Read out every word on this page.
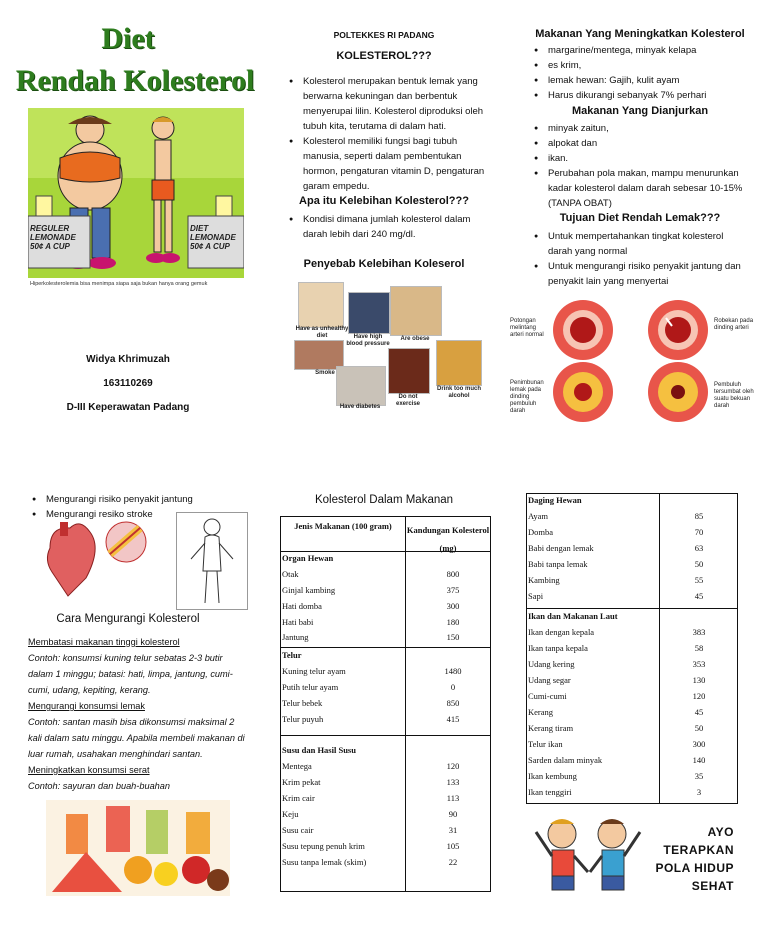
Diet
Rendah Kolesterol
REGULER LEMONADE 50¢ A CUP
DIET LEMONADE 50¢ A CUP
Hiperkolesterolemia bisa menimpa siapa saja bukan hanya orang gemuk
Widya Khrimuzah
163110269
D-III Keperawatan Padang
POLTEKKES RI PADANG
KOLESTEROL???
● Kolesterol merupakan bentuk lemak yang berwarna kekuningan dan berbentuk menyerupai lilin. Kolesterol diproduksi oleh tubuh kita, terutama di dalam hati.
● Kolesterol memiliki fungsi bagi tubuh manusia, seperti dalam pembentukan hormon, pengaturan vitamin D, pengaturan garam empedu.
Apa itu Kelebihan Kolesterol???
● Kondisi dimana jumlah kolesterol dalam darah lebih dari 240 mg/dl.
Penyebab Kelebihan Koleserol
Have as unhealthy diet	Have high blood pressure
Are obese
Smoke
Have diabetes
Do not exercise
Drink too much alcohol
Makanan Yang Meningkatkan Kolesterol
● margarine/mentega, minyak kelapa
● es krim,
● lemak hewan: Gajih, kulit ayam
● Harus dikurangi sebanyak 7% perhari
Makanan Yang Dianjurkan
● minyak zaitun,
● alpokat dan
● ikan.
● Perubahan pola makan, mampu menurunkan kadar kolesterol dalam darah sebesar 10-15% (TANPA OBAT)
Tujuan Diet Rendah Lemak???
● Untuk mempertahankan tingkat kolesterol darah yang normal
● Untuk mengurangi risiko penyakit jantung dan penyakit lain yang menyertai
Potongan melintang arteri normal
Robekan pada dinding arteri
Penimbunan lemak pada dinding pembuluh darah
Pembuluh tersumbat oleh suatu bekuan darah
● Mengurangi risiko penyakit jantung
● Mengurangi resiko stroke
Cara Mengurangi Kolesterol
Membatasi makanan tinggi kolesterol
Contoh: konsumsi kuning telur sebatas 2-3 butir dalam 1 minggu; batasi: hati, limpa, jantung, cumi-cumi, udang, kepiting, kerang.
Mengurangi konsumsi lemak
Contoh: santan masih bisa dikonsumsi maksimal 2 kali dalam satu minggu. Apabila membeli makanan di luar rumah, usahakan menghindari santan.
Meningkatkan konsumsi serat
Contoh: sayuran dan buah-buahan
Kolesterol Dalam Makanan
Jenis Makanan (100 gram)	Kandungan Kolesterol (mg)
Organ Hewan
Otak	800
Ginjal kambing	375
Hati domba	300
Hati babi	180
Jantung	150
Telur
Kuning telur ayam	1480
Putih telur ayam	0
Telur bebek	850
Telur puyuh	415
Susu dan Hasil Susu
Mentega	120
Krim pekat	133
Krim cair	113
Keju	90
Susu cair	31
Susu tepung penuh krim	105
Susu tanpa lemak (skim)	22
Daging Hewan
Ayam	85
Domba	70
Babi dengan lemak	63
Babi tanpa lemak	50
Kambing	55
Sapi	45
Ikan dan Makanan Laut
Ikan dengan kepala	383
Ikan tanpa kepala	58
Udang kering	353
Udang segar	130
Cumi-cumi	120
Kerang	45
Kerang tiram	50
Telur ikan	300
Sarden dalam minyak	140
Ikan kembung	35
Ikan tenggiri	3
AYO
TERAPKAN
POLA HIDUP
SEHAT
